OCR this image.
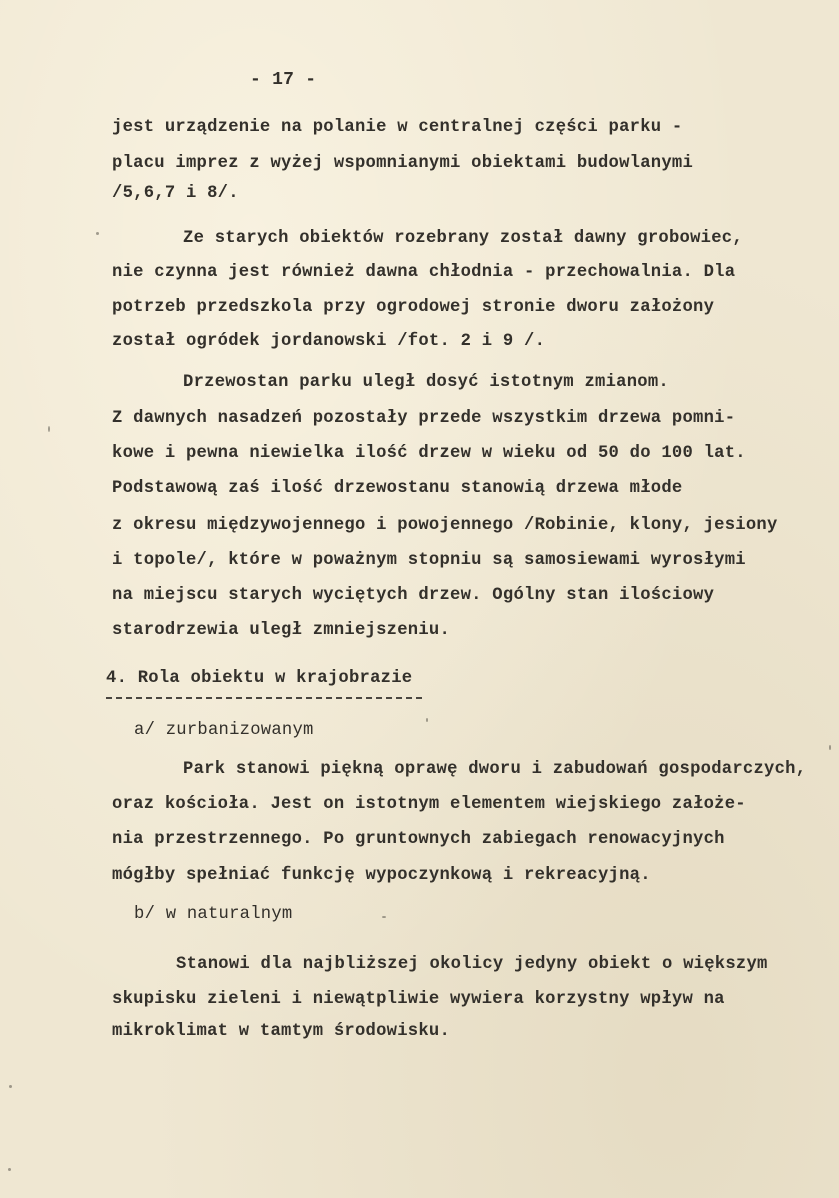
- 17 -
jest urządzenie na polanie w centralnej części parku -
placu imprez z wyżej wspomnianymi obiektami budowlanymi
/5,6,7 i 8/.
Ze starych obiektów rozebrany został dawny grobowiec,
nie czynna jest również dawna chłodnia - przechowalnia. Dla
potrzeb przedszkola przy ogrodowej stronie dworu założony
został ogródek jordanowski /fot. 2 i 9 /.
Drzewostan parku uległ dosyć istotnym zmianom.
Z dawnych nasadzeń pozostały przede wszystkim drzewa pomni-
kowe i pewna niewielka ilość drzew w wieku od 50 do 100 lat.
Podstawową zaś ilość drzewostanu stanowią drzewa młode
z okresu międzywojennego i powojennego /Robinie, klony, jesiony
i topole/, które w poważnym stopniu są samosiewami wyrosłymi
na miejscu starych wyciętych drzew. Ogólny stan ilościowy
starodrzewia uległ zmniejszeniu.
4. Rola obiektu w krajobrazie
a/ zurbanizowanym
Park stanowi piękną oprawę dworu i zabudowań gospodarczych,
oraz kościoła. Jest on istotnym elementem wiejskiego założe-
nia przestrzennego. Po gruntownych zabiegach renowacyjnych
mógłby spełniać funkcję wypoczynkową i rekreacyjną.
b/ w naturalnym
Stanowi dla najbliższej okolicy jedyny obiekt o większym
skupisku zieleni i niewątpliwie wywiera korzystny wpływ na
mikroklimat w tamtym środowisku.
